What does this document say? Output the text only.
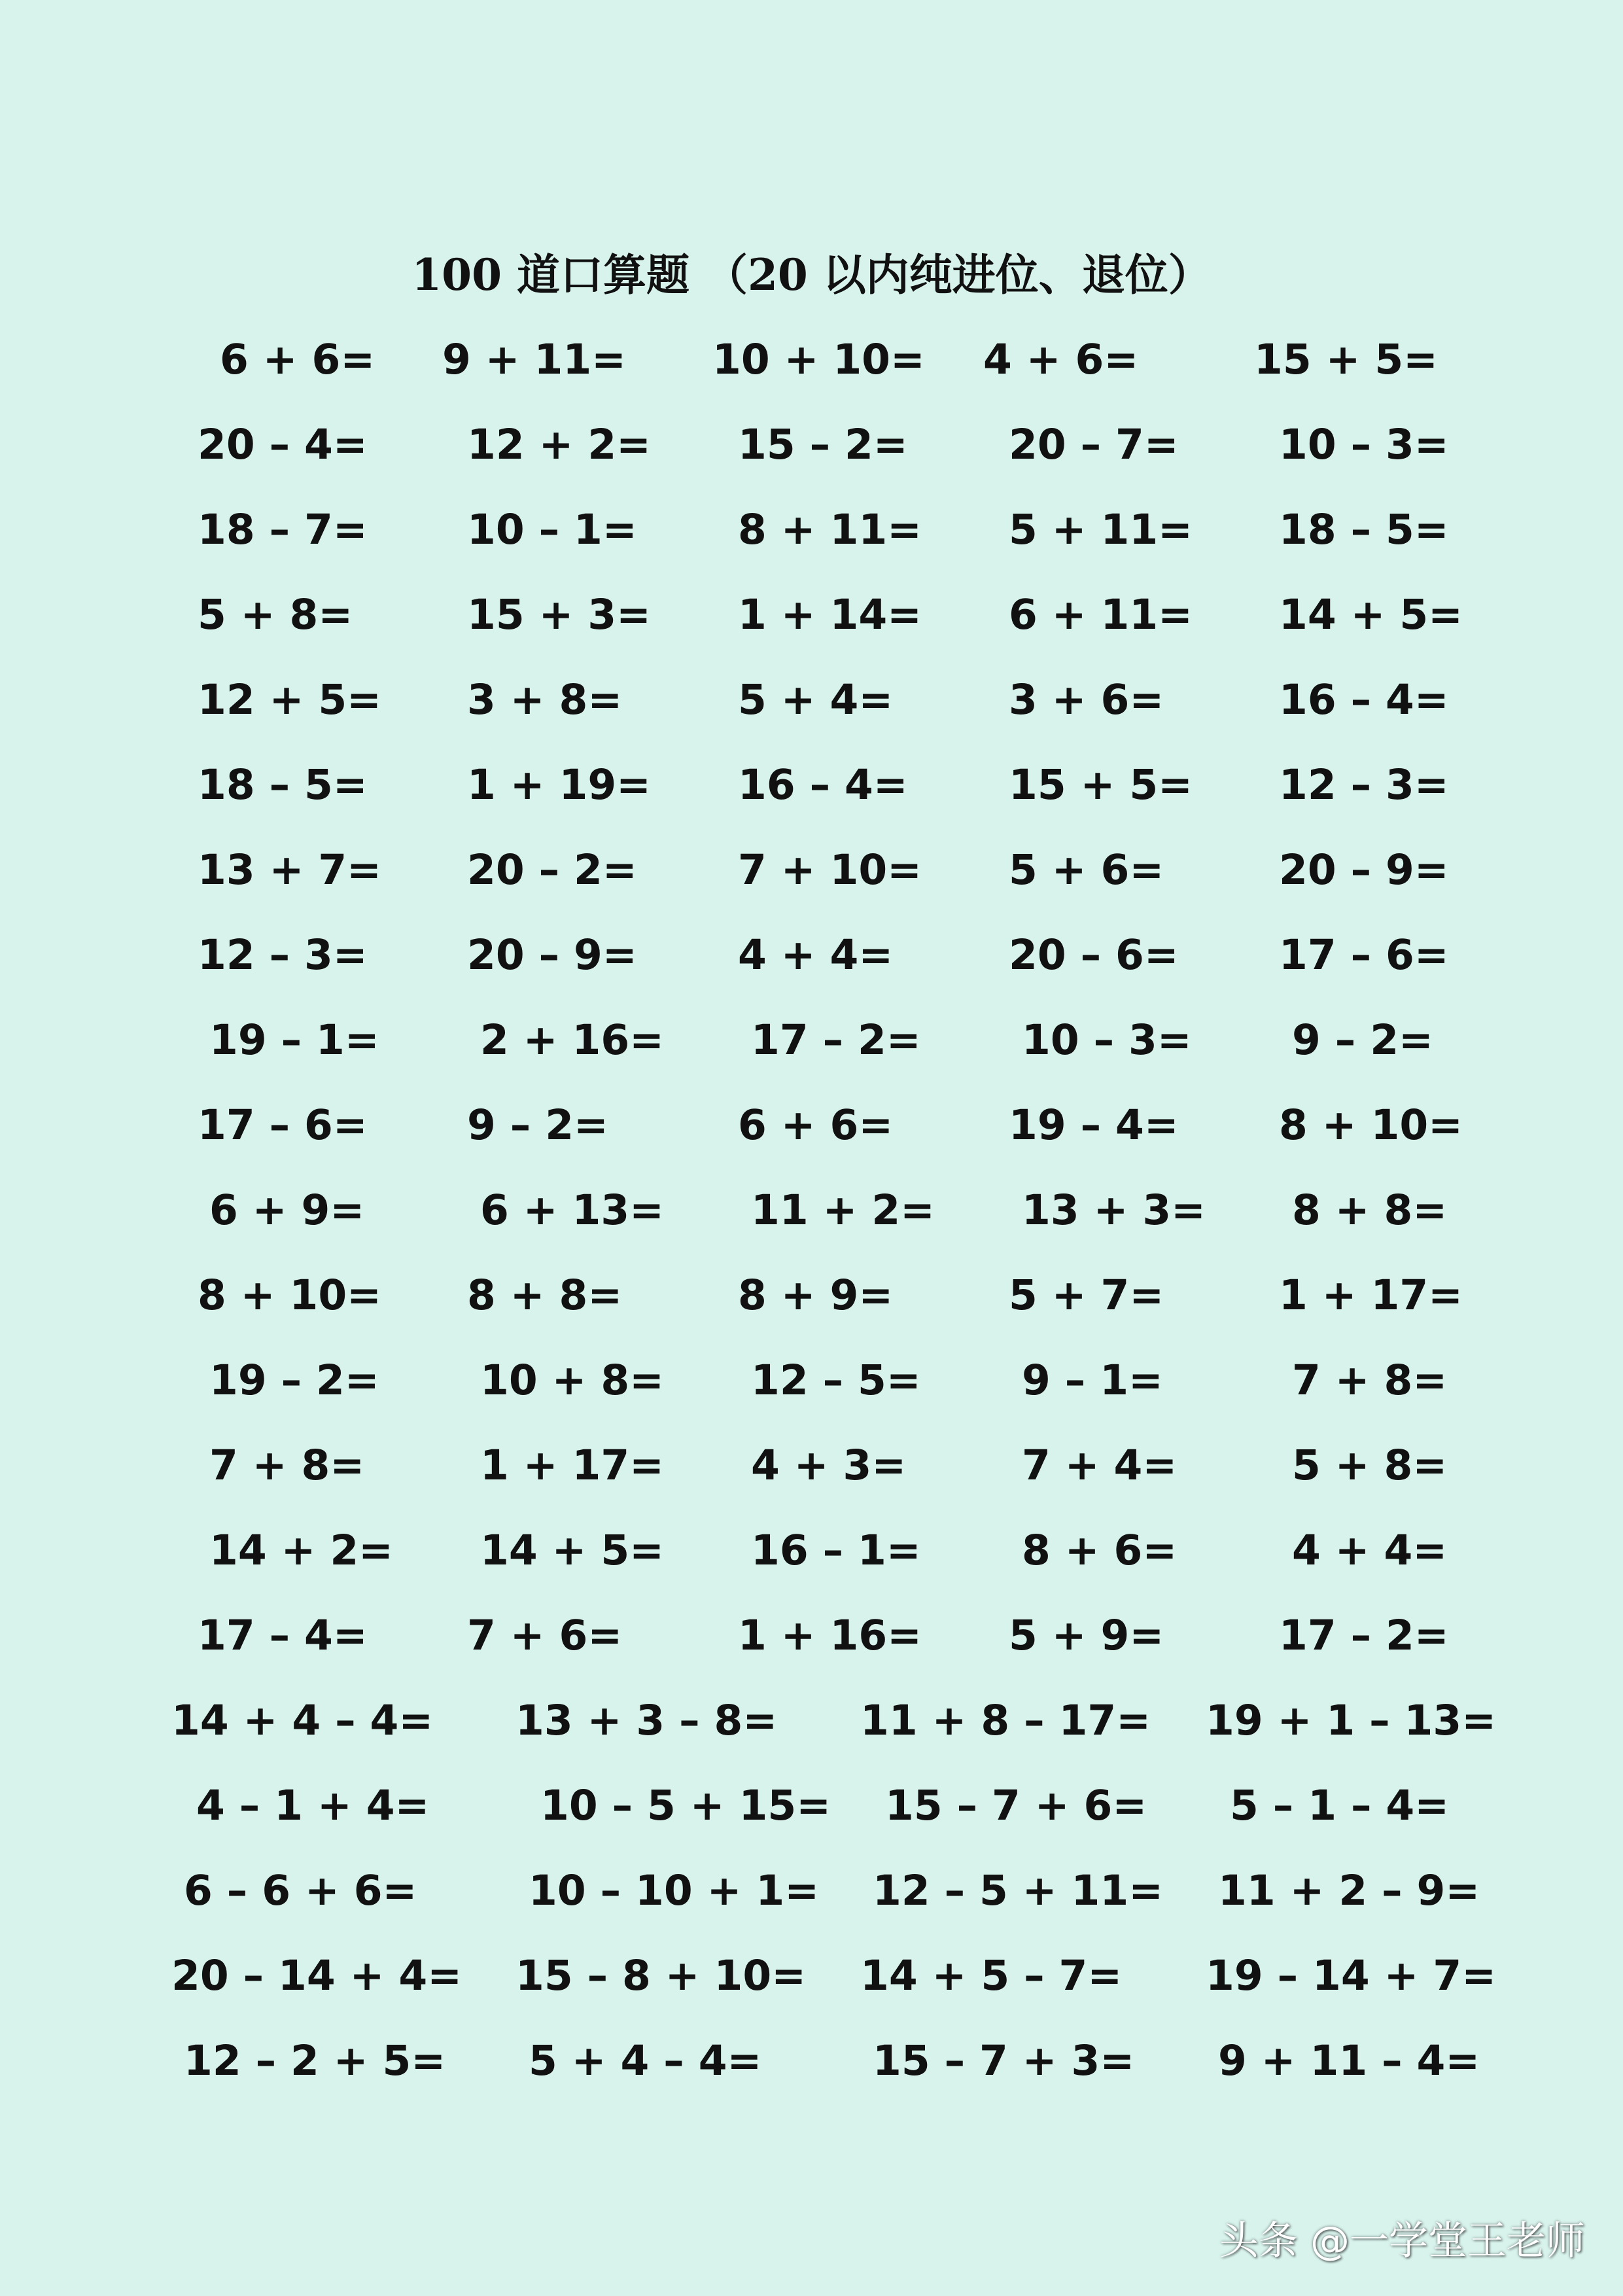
100 道口算题 （20 以内纯进位、退位）
6 + 6= 9 + 11= 10 + 10= 4 + 6=	15 + 5=
20 – 4= 12 + 2= 15 – 2= 20 – 7= 10 – 3=
18 – 7= 10 – 1= 8 + 11= 5 + 11= 18 – 5=
5 + 8=	15 + 3= 1 + 14= 6 + 11= 14 + 5=
12 + 5= 3 + 8=	5 + 4=	3 + 6=	16 – 4=
18 – 5= 1 + 19= 16 – 4= 15 + 5= 12 – 3=
13 + 7= 20 – 2= 7 + 10= 5 + 6=	20 – 9=
12 – 3= 20 – 9= 4 + 4=	20 – 6= 17 – 6=
19 – 1= 2 + 16= 17 – 2= 10 – 3= 9 – 2=
17 – 6= 9 – 2=	6 + 6=	19 – 4= 8 + 10=
6 + 9=	6 + 13= 11 + 2= 13 + 3= 8 + 8=
8 + 10= 8 + 8=	8 + 9=	5 + 7=	1 + 17=
19 – 2= 10 + 8= 12 – 5= 9 – 1=	7 + 8=
7 + 8=	1 + 17= 4 + 3=	7 + 4=	5 + 8=
14 + 2= 14 + 5= 16 – 1= 8 + 6=	4 + 4=
17 – 4= 7 + 6=	1 + 16= 5 + 9=	17 – 2=
14 + 4 – 4= 13 + 3 – 8= 11 + 8 – 17= 19 + 1 – 13=
4 – 1 + 4=	10 – 5 + 15= 15 – 7 + 6= 5 – 1 – 4=
6 – 6 + 6=	10 – 10 + 1= 12 – 5 + 11= 11 + 2 – 9=
20 – 14 + 4= 15 – 8 + 10= 14 + 5 – 7= 19 – 14 + 7=
12 – 2 + 5= 5 + 4 – 4=	15 – 7 + 3= 9 + 11 – 4=
头条 @一学堂王老师
